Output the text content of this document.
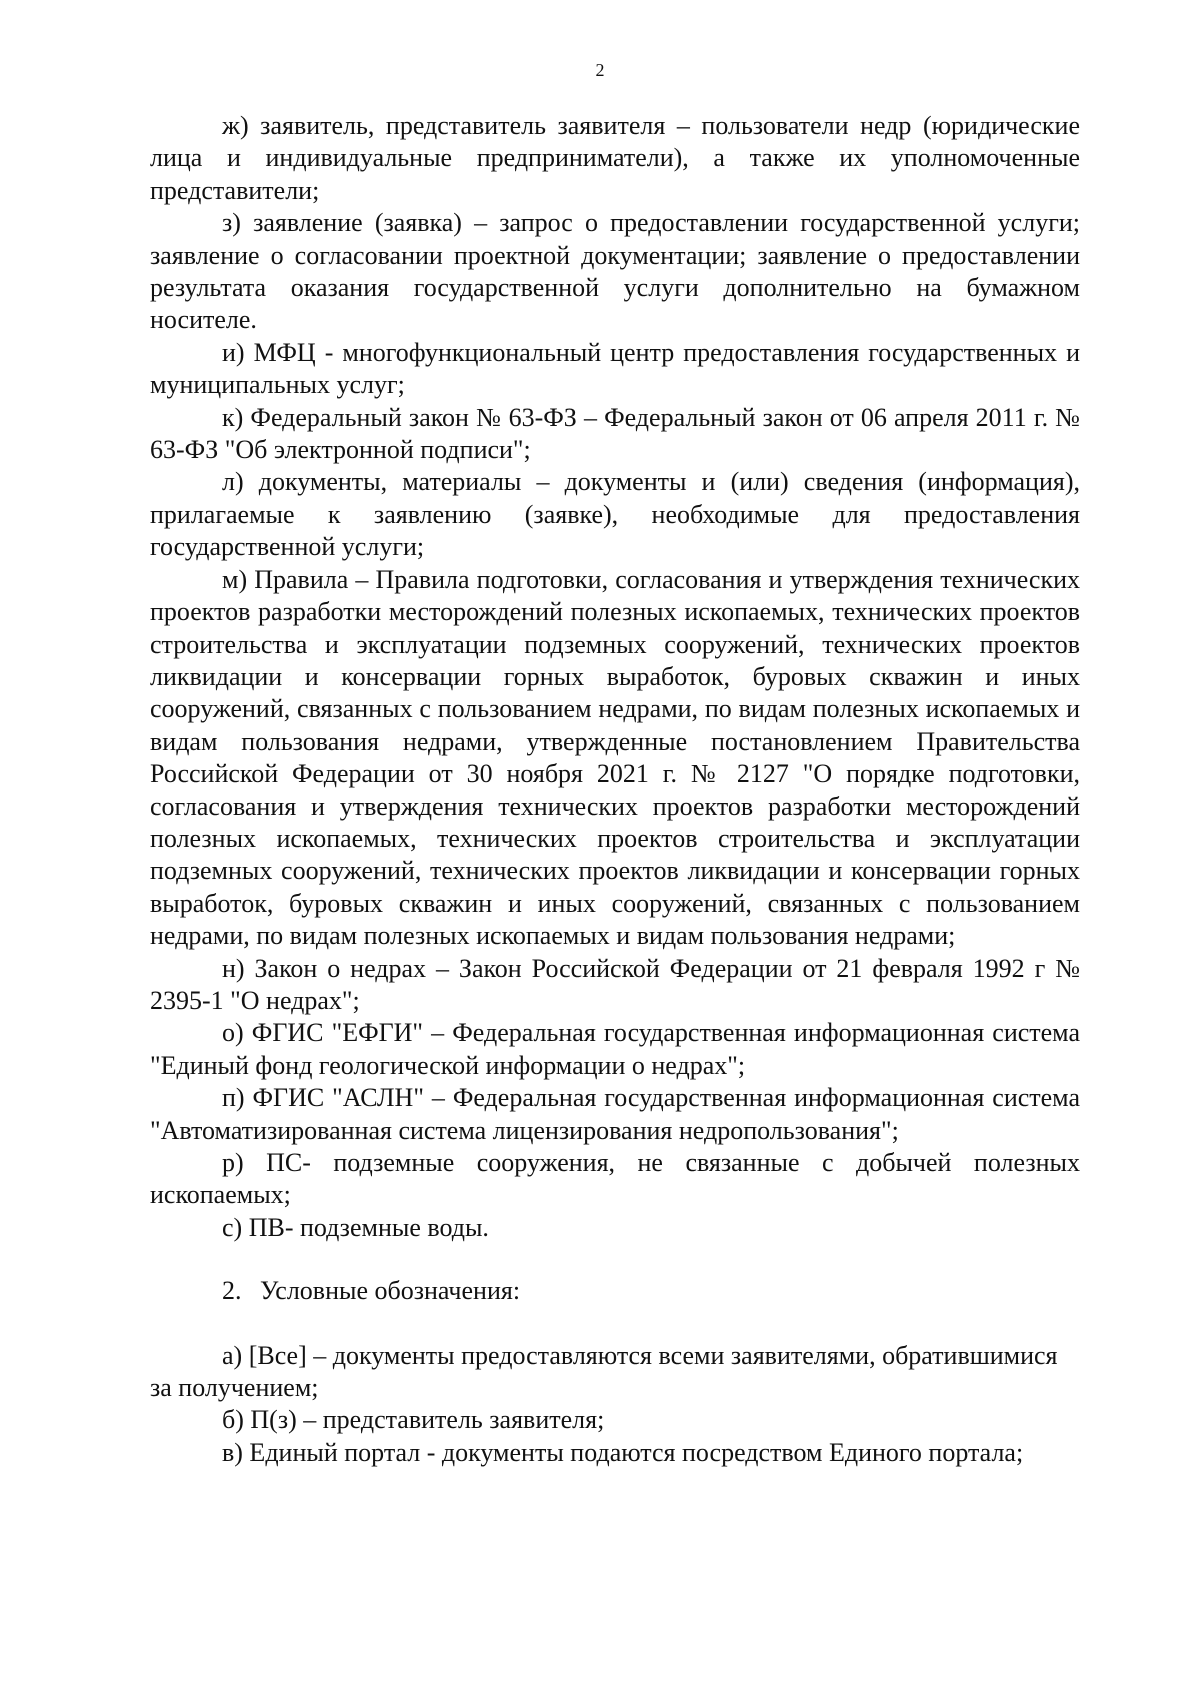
2

ж) заявитель, представитель заявителя – пользователи недр (юридические лица и индивидуальные предприниматели), а также их уполномоченные представители;

з) заявление (заявка) – запрос о предоставлении государственной услуги; заявление о согласовании проектной документации; заявление о предоставлении результата оказания государственной услуги дополнительно на бумажном носителе.

и) МФЦ - многофункциональный центр предоставления государственных и муниципальных услуг;

к) Федеральный закон № 63-ФЗ – Федеральный закон от 06 апреля 2011 г. № 63-ФЗ "Об электронной подписи";

л) документы, материалы – документы и (или) сведения (информация), прилагаемые к заявлению (заявке), необходимые для предоставления государственной услуги;

м) Правила – Правила подготовки, согласования и утверждения технических проектов разработки месторождений полезных ископаемых, технических проектов строительства и эксплуатации подземных сооружений, технических проектов ликвидации и консервации горных выработок, буровых скважин и иных сооружений, связанных с пользованием недрами, по видам полезных ископаемых и видам пользования недрами, утвержденные постановлением Правительства Российской Федерации от 30 ноября 2021 г. № 2127 "О порядке подготовки, согласования и утверждения технических проектов разработки месторождений полезных ископаемых, технических проектов строительства и эксплуатации подземных сооружений, технических проектов ликвидации и консервации горных выработок, буровых скважин и иных сооружений, связанных с пользованием недрами, по видам полезных ископаемых и видам пользования недрами;

н) Закон о недрах – Закон Российской Федерации от 21 февраля 1992 г № 2395-1 "О недрах";

о) ФГИС "ЕФГИ" – Федеральная государственная информационная система "Единый фонд геологической информации о недрах";

п) ФГИС "АСЛН" – Федеральная государственная информационная система "Автоматизированная система лицензирования недропользования";

р) ПС- подземные сооружения, не связанные с добычей полезных ископаемых;

с) ПВ- подземные воды.

2. Условные обозначения:

а) [Все] – документы предоставляются всеми заявителями, обратившимися за получением;

б) П(з) – представитель заявителя;

в) Единый портал - документы подаются посредством Единого портала;
